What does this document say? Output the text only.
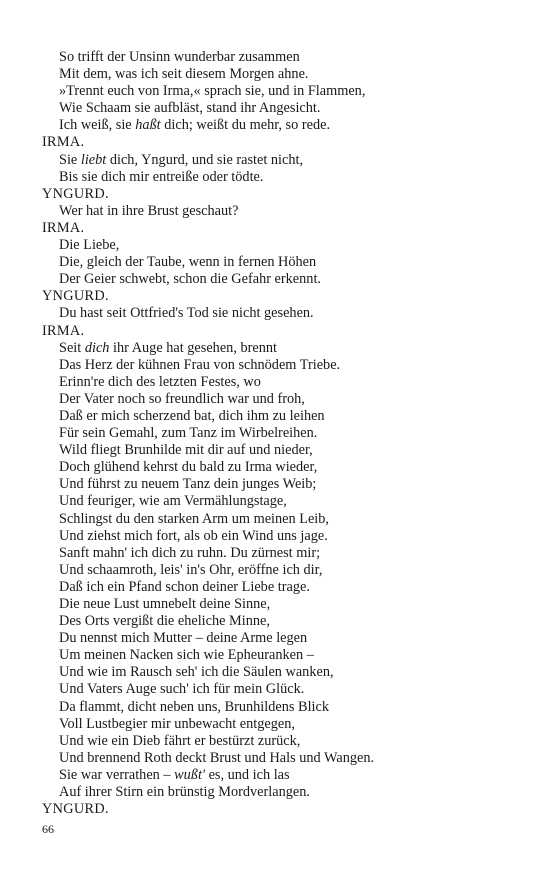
So trifft der Unsinn wunderbar zusammen
Mit dem, was ich seit diesem Morgen ahne.
»Trennt euch von Irma,« sprach sie, und in Flammen,
Wie Schaam sie aufbläst, stand ihr Angesicht.
Ich weiß, sie haßt dich; weißt du mehr, so rede.
IRMA.
Sie liebt dich, Yngurd, und sie rastet nicht,
Bis sie dich mir entreiße oder tödte.
YNGURD.
Wer hat in ihre Brust geschaut?
IRMA.
Die Liebe,
Die, gleich der Taube, wenn in fernen Höhen
Der Geier schwebt, schon die Gefahr erkennt.
YNGURD.
Du hast seit Ottfried's Tod sie nicht gesehen.
IRMA.
Seit dich ihr Auge hat gesehen, brennt
Das Herz der kühnen Frau von schnödem Triebe.
Erinn're dich des letzten Festes, wo
Der Vater noch so freundlich war und froh,
Daß er mich scherzend bat, dich ihm zu leihen
Für sein Gemahl, zum Tanz im Wirbelreihen.
Wild fliegt Brunhilde mit dir auf und nieder,
Doch glühend kehrst du bald zu Irma wieder,
Und führst zu neuem Tanz dein junges Weib;
Und feuriger, wie am Vermählungstage,
Schlingst du den starken Arm um meinen Leib,
Und ziehst mich fort, als ob ein Wind uns jage.
Sanft mahn' ich dich zu ruhn. Du zürnest mir;
Und schaamroth, leis' in's Ohr, eröffne ich dir,
Daß ich ein Pfand schon deiner Liebe trage.
Die neue Lust umnebelt deine Sinne,
Des Orts vergißt die eheliche Minne,
Du nennst mich Mutter – deine Arme legen
Um meinen Nacken sich wie Epheuranken –
Und wie im Rausch seh' ich die Säulen wanken,
Und Vaters Auge such' ich für mein Glück.
Da flammt, dicht neben uns, Brunhildens Blick
Voll Lustbegier mir unbewacht entgegen,
Und wie ein Dieb fährt er bestürzt zurück,
Und brennend Roth deckt Brust und Hals und Wangen.
Sie war verrathen – wußt' es, und ich las
Auf ihrer Stirn ein brünstig Mordverlangen.
YNGURD.
66
